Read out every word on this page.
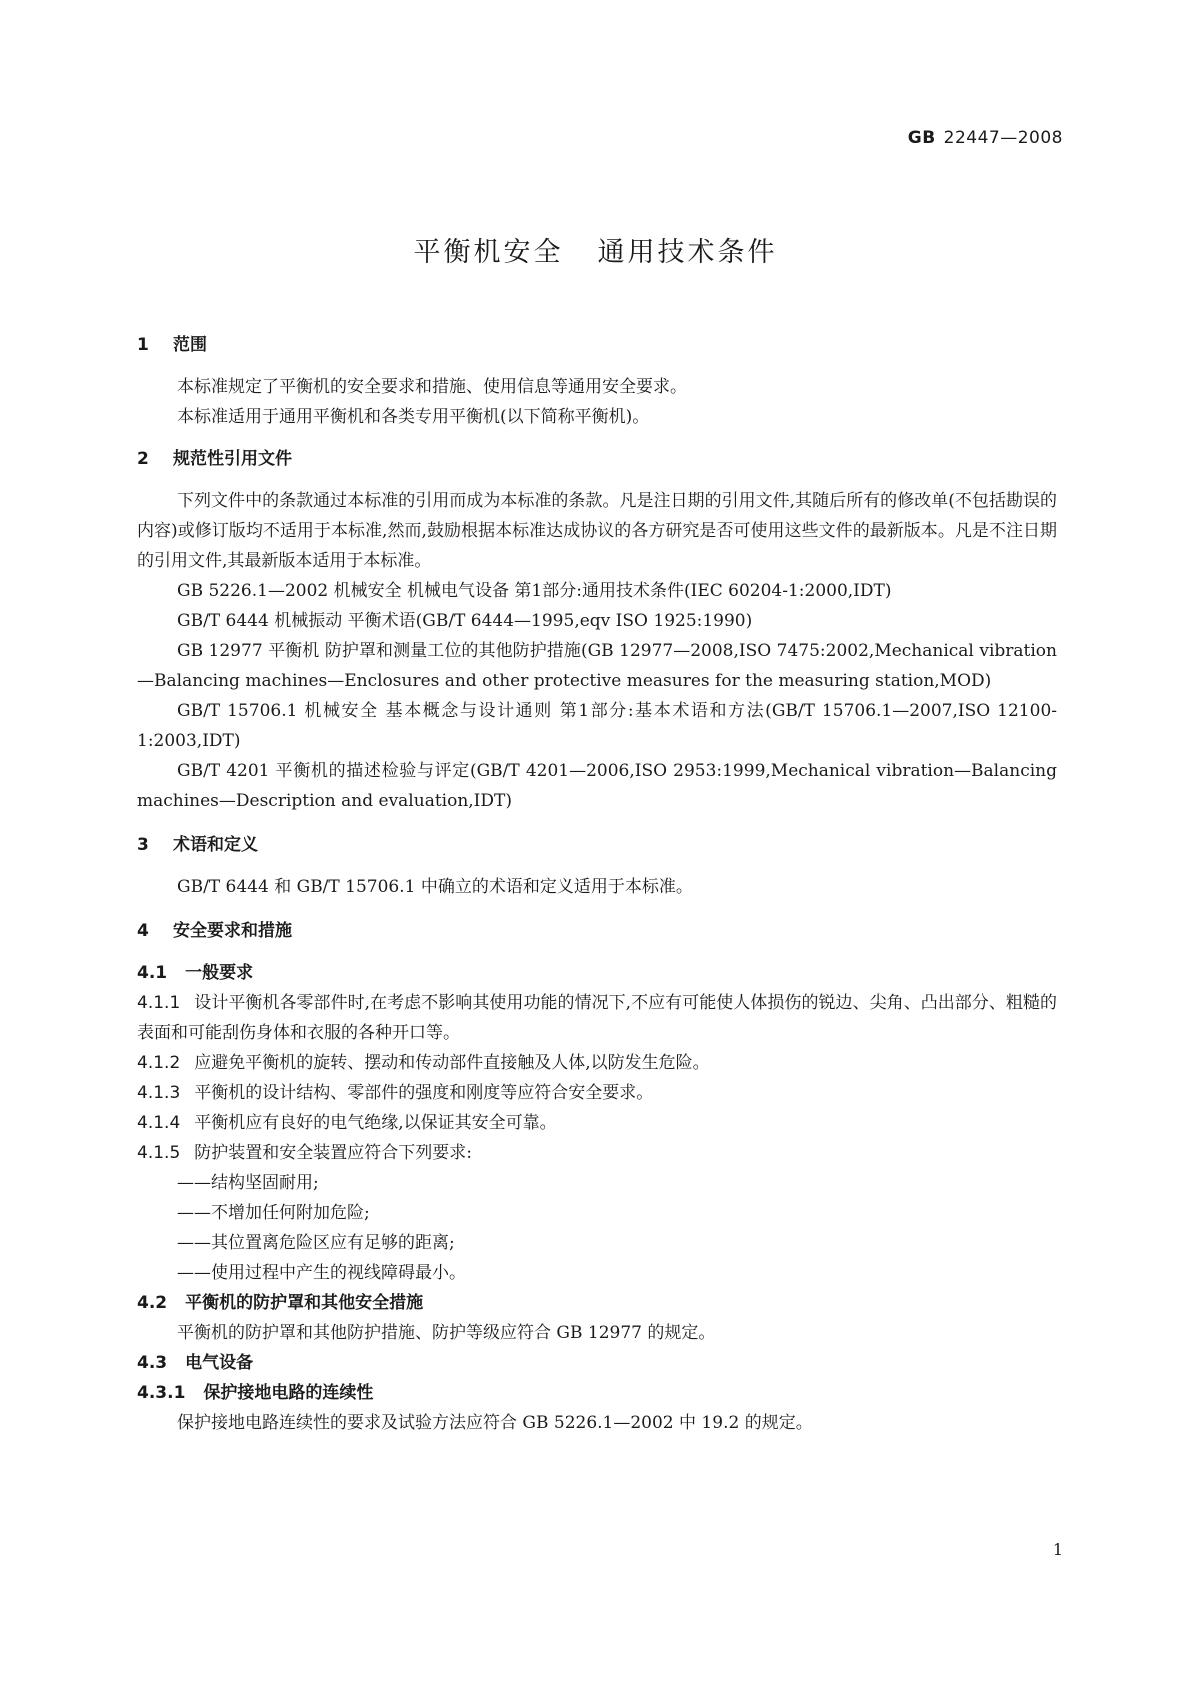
GB 22447—2008
平衡机安全 通用技术条件
1 范围
本标准规定了平衡机的安全要求和措施、使用信息等通用安全要求。
本标准适用于通用平衡机和各类专用平衡机(以下简称平衡机)。
2 规范性引用文件
下列文件中的条款通过本标准的引用而成为本标准的条款。凡是注日期的引用文件,其随后所有的修改单(不包括勘误的内容)或修订版均不适用于本标准,然而,鼓励根据本标准达成协议的各方研究是否可使用这些文件的最新版本。凡是不注日期的引用文件,其最新版本适用于本标准。
GB 5226.1—2002 机械安全 机械电气设备 第1部分:通用技术条件(IEC 60204-1:2000,IDT)
GB/T 6444 机械振动 平衡术语(GB/T 6444—1995,eqv ISO 1925:1990)
GB 12977 平衡机 防护罩和测量工位的其他防护措施(GB 12977—2008,ISO 7475:2002,Mechanical vibration—Balancing machines—Enclosures and other protective measures for the measuring station,MOD)
GB/T 15706.1 机械安全 基本概念与设计通则 第1部分:基本术语和方法(GB/T 15706.1—2007,ISO 12100-1:2003,IDT)
GB/T 4201 平衡机的描述检验与评定(GB/T 4201—2006,ISO 2953:1999,Mechanical vibration—Balancing machines—Description and evaluation,IDT)
3 术语和定义
GB/T 6444 和 GB/T 15706.1 中确立的术语和定义适用于本标准。
4 安全要求和措施
4.1 一般要求
4.1.1 设计平衡机各零部件时,在考虑不影响其使用功能的情况下,不应有可能使人体损伤的锐边、尖角、凸出部分、粗糙的表面和可能刮伤身体和衣服的各种开口等。
4.1.2 应避免平衡机的旋转、摆动和传动部件直接触及人体,以防发生危险。
4.1.3 平衡机的设计结构、零部件的强度和刚度等应符合安全要求。
4.1.4 平衡机应有良好的电气绝缘,以保证其安全可靠。
4.1.5 防护装置和安全装置应符合下列要求:
——结构坚固耐用;
——不增加任何附加危险;
——其位置离危险区应有足够的距离;
——使用过程中产生的视线障碍最小。
4.2 平衡机的防护罩和其他安全措施
平衡机的防护罩和其他防护措施、防护等级应符合 GB 12977 的规定。
4.3 电气设备
4.3.1 保护接地电路的连续性
保护接地电路连续性的要求及试验方法应符合 GB 5226.1—2002 中 19.2 的规定。
1
